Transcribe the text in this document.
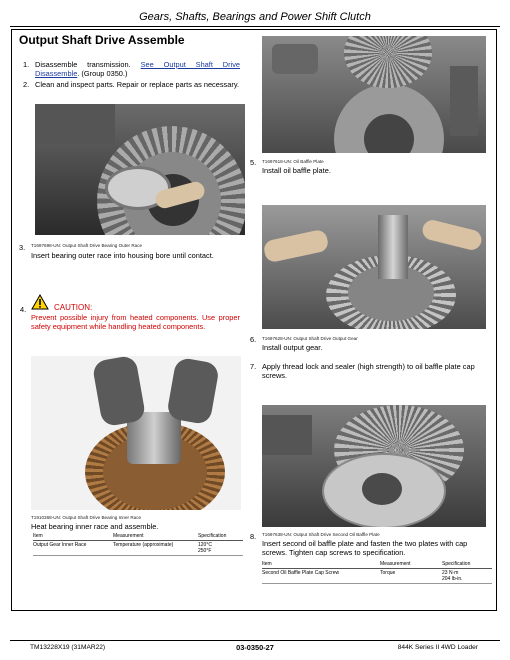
Gears, Shafts, Bearings and Power Shift Clutch
Output Shaft Drive Assemble
1. Disassemble transmission. See Output Shaft Drive Disassemble. (Group 0350.)
2. Clean and inspect parts. Repair or replace parts as necessary.
T1697698-UN: Output Shaft Drive Bearing Outer Race
3.
Insert bearing outer race into housing bore until contact.
4.	CAUTION:
Prevent possible injury from heated components. Use proper safety equipment while handling heated components.
T1910368-UN: Output Shaft Drive Bearing Inner Race
Heat bearing inner race and assemble.
Item	Measurement	Specification
Output Gear Inner Race	Temperature (approximate)	120°C
250°F
5. T1697618-UN: Oil Baffle Plate
Install oil baffle plate.
6. T1697628-UN: Output Shaft Drive Output Gear
Install output gear.
7. Apply thread lock and sealer (high strength) to oil baffle plate cap screws.
8. T1697638-UN: Output Shaft Drive Second Oil Baffle Plate
Insert second oil baffle plate and fasten the two plates with cap screws. Tighten cap screws to specification.
Item	Measurement	Specification
Second Oil Baffle Plate Cap Screw	Torque	23 N·m
204 lb-in.
TM13228X19 (31MAR22)	03-0350-27	844K Series II 4WD Loader
